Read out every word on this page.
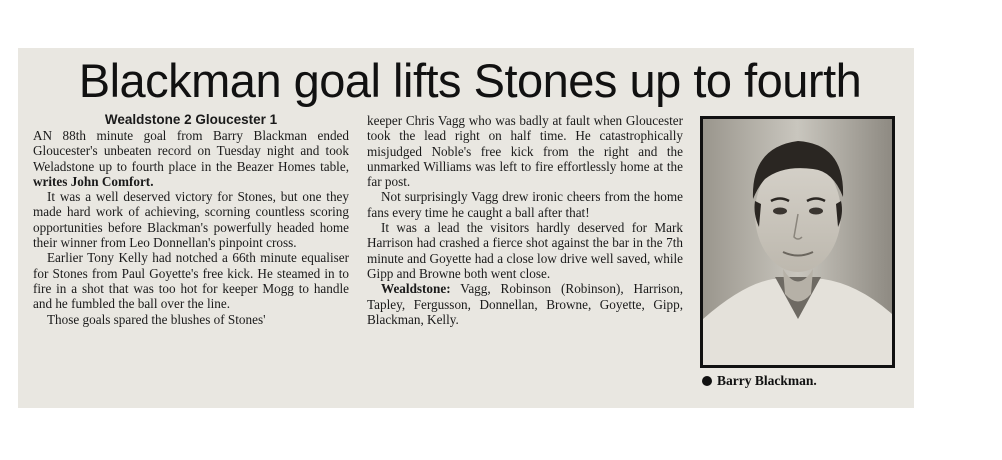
Blackman goal lifts Stones up to fourth
Wealdstone 2 Gloucester 1

AN 88th minute goal from Barry Blackman ended Gloucester's unbeaten record on Tuesday night and took Weladstone up to fourth place in the Beazer Homes table, writes John Comfort.

It was a well deserved victory for Stones, but one they made hard work of achieving, scorning countless scoring opportunities before Blackman's powerfully headed home their winner from Leo Donnellan's pinpoint cross.

Earlier Tony Kelly had notched a 66th minute equaliser for Stones from Paul Goyette's free kick. He steamed in to fire in a shot that was too hot for keeper Mogg to handle and he fumbled the ball over the line.

Those goals spared the blushes of Stones'

keeper Chris Vagg who was badly at fault when Gloucester took the lead right on half time. He catastrophically misjudged Noble's free kick from the right and the unmarked Williams was left to fire effortlessly home at the far post.

Not surprisingly Vagg drew ironic cheers from the home fans every time he caught a ball after that!

It was a lead the visitors hardly deserved for Mark Harrison had crashed a fierce shot against the bar in the 7th minute and Goyette had a close low drive well saved, while Gipp and Browne both went close.

Wealdstone: Vagg, Robinson (Robinson), Harrison, Tapley, Fergusson, Donnellan, Browne, Goyette, Gipp, Blackman, Kelly.

Barry Blackman.
